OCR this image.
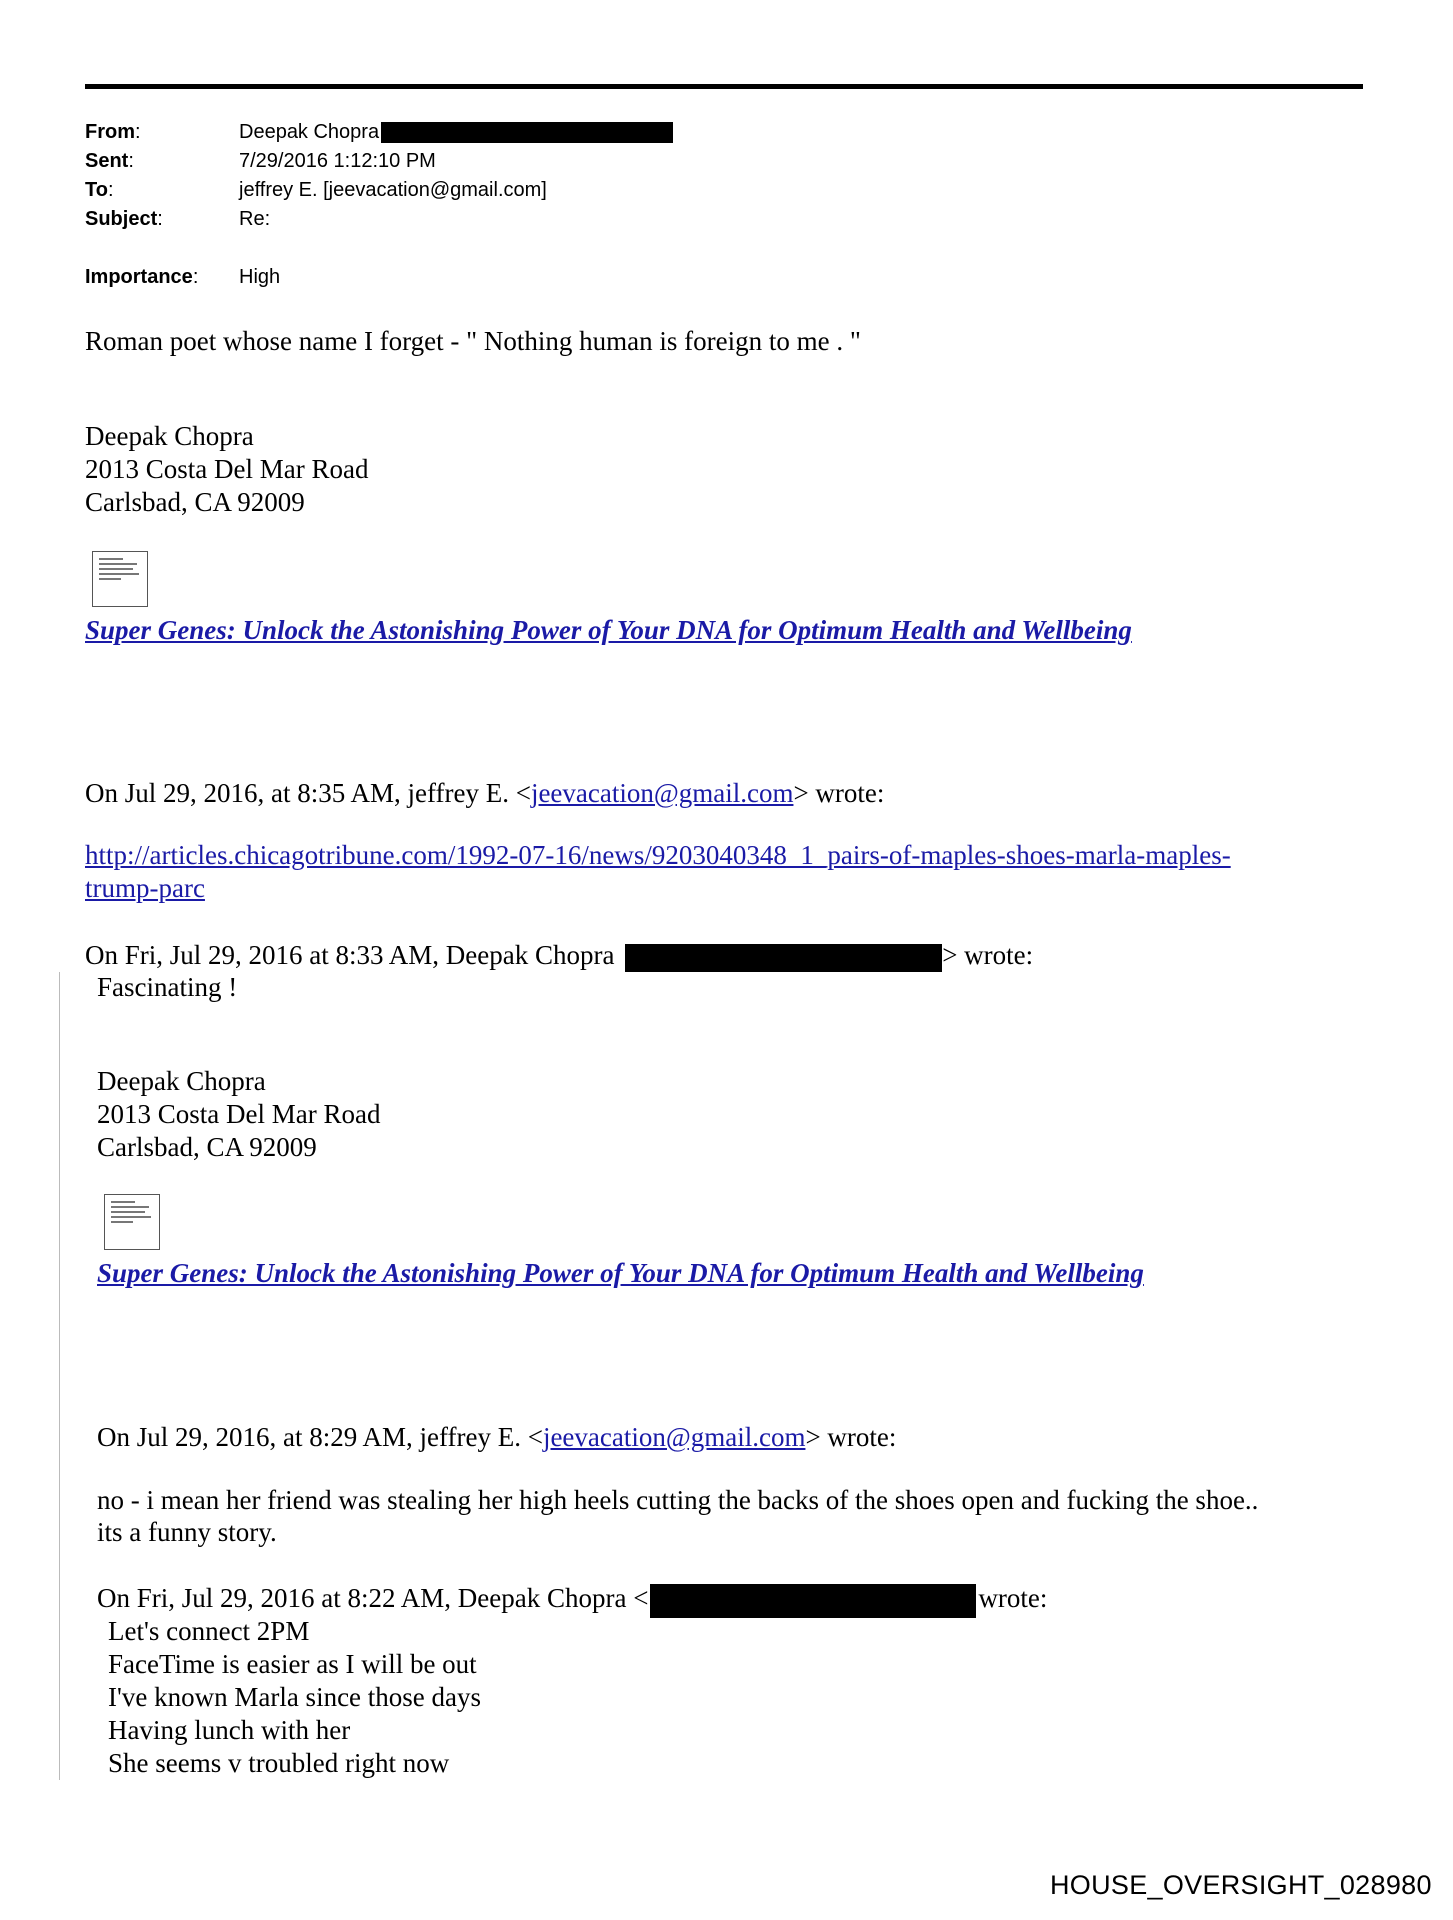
From:	Deepak Chopra
Sent:	7/29/2016 1:12:10 PM
To:	jeffrey E. [jeevacation@gmail.com]
Subject:	Re:
Importance: High
Roman poet whose name I forget - " Nothing human is foreign to me . "
Deepak Chopra
2013 Costa Del Mar Road
Carlsbad, CA 92009
Super Genes: Unlock the Astonishing Power of Your DNA for Optimum Health and Wellbeing
On Jul 29, 2016, at 8:35 AM, jeffrey E. <jeevacation@gmail.com> wrote:
http://articles.chicagotribune.com/1992-07-16/news/9203040348_1_pairs-of-maples-shoes-marla-maples-
trump-parc
On Fri, Jul 29, 2016 at 8:33 AM, Deepak Chopra	> wrote:
Fascinating !
Deepak Chopra
2013 Costa Del Mar Road
Carlsbad, CA 92009
Super Genes: Unlock the Astonishing Power of Your DNA for Optimum Health and Wellbeing
On Jul 29, 2016, at 8:29 AM, jeffrey E. <jeevacation@gmail.com> wrote:
no - i mean her friend was stealing her high heels cutting the backs of the shoes open and fucking the shoe..
its a funny story.
On Fri, Jul 29, 2016 at 8:22 AM, Deepak Chopra <	wrote:
Let's connect 2PM
FaceTime is easier as I will be out
I've known Marla since those days
Having lunch with her
She seems v troubled right now
HOUSE_OVERSIGHT_028980
